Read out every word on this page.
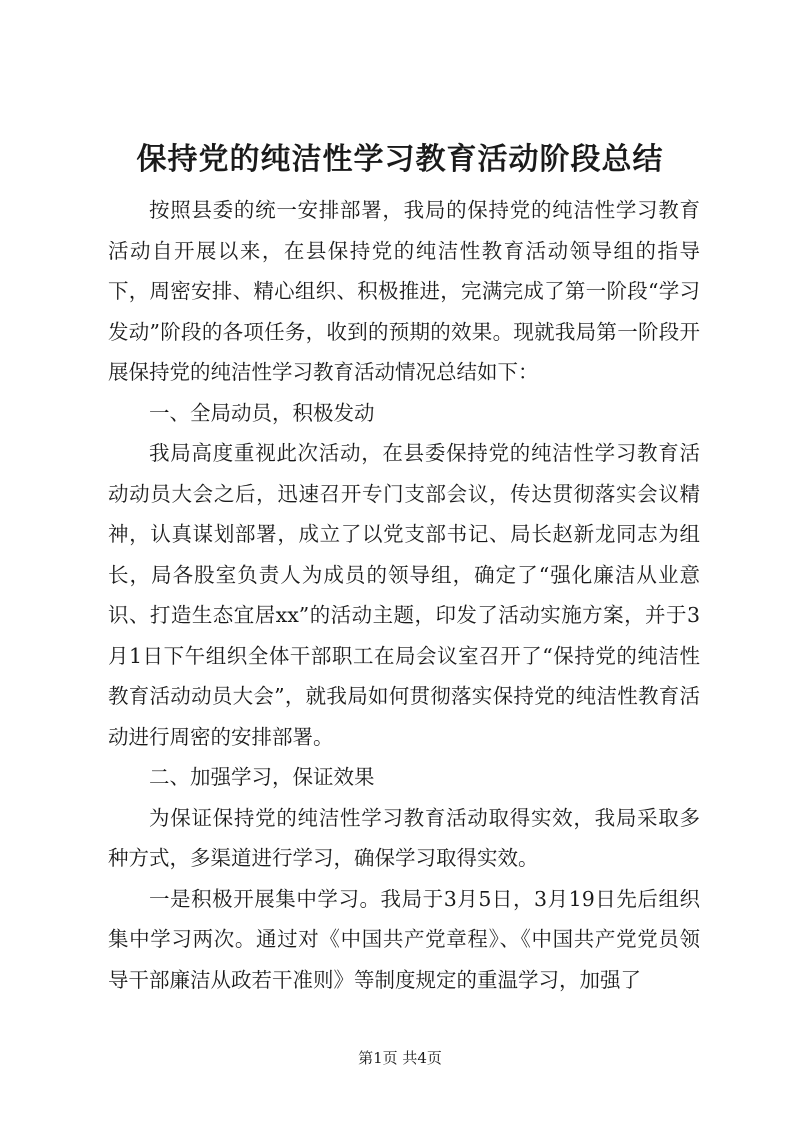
保持党的纯洁性学习教育活动阶段总结

按照县委的统一安排部署，我局的保持党的纯洁性学习教育活动自开展以来，在县保持党的纯洁性教育活动领导组的指导下，周密安排、精心组织、积极推进，完满完成了第一阶段“学习发动”阶段的各项任务，收到的预期的效果。现就我局第一阶段开展保持党的纯洁性学习教育活动情况总结如下：

一、全局动员，积极发动

我局高度重视此次活动，在县委保持党的纯洁性学习教育活动动员大会之后，迅速召开专门支部会议，传达贯彻落实会议精神，认真谋划部署，成立了以党支部书记、局长赵新龙同志为组长，局各股室负责人为成员的领导组，确定了“强化廉洁从业意识、打造生态宜居xx”的活动主题，印发了活动实施方案，并于3月1日下午组织全体干部职工在局会议室召开了“保持党的纯洁性教育活动动员大会”，就我局如何贯彻落实保持党的纯洁性教育活动进行周密的安排部署。

二、加强学习，保证效果

为保证保持党的纯洁性学习教育活动取得实效，我局采取多种方式，多渠道进行学习，确保学习取得实效。

一是积极开展集中学习。我局于3月5日，3月19日先后组织集中学习两次。通过对《中国共产党章程》、《中国共产党党员领导干部廉洁从政若干准则》等制度规定的重温学习，加强了

第1页 共4页
